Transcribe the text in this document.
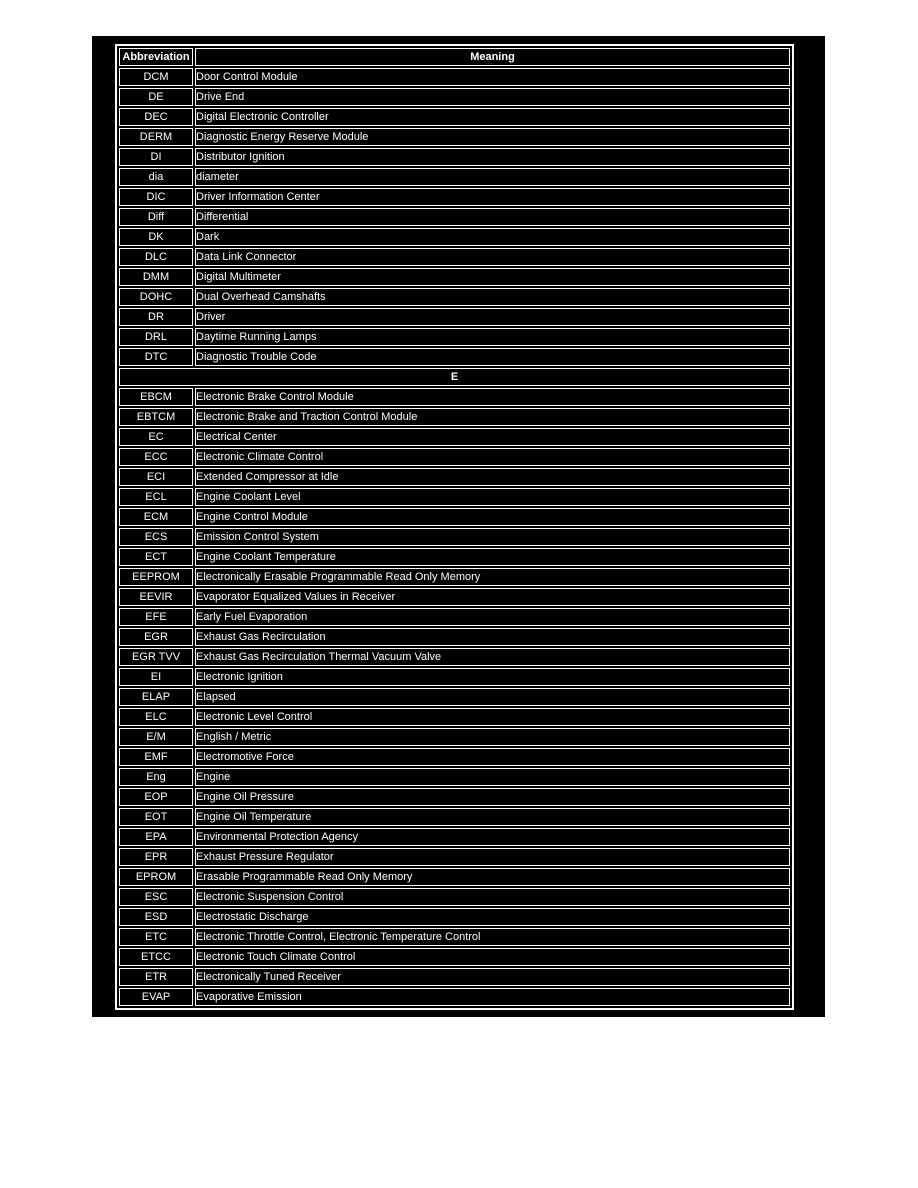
Abbreviation	Meaning
DCM	Door Control Module
DE	Drive End
DEC	Digital Electronic Controller
DERM	Diagnostic Energy Reserve Module
DI	Distributor Ignition
dia	diameter
DIC	Driver Information Center
Diff	Differential
DK	Dark
DLC	Data Link Connector
DMM	Digital Multimeter
DOHC	Dual Overhead Camshafts
DR	Driver
DRL	Daytime Running Lamps
DTC	Diagnostic Trouble Code
E	
EBCM	Electronic Brake Control Module
EBTCM	Electronic Brake and Traction Control Module
EC	Electrical Center
ECC	Electronic Climate Control
ECI	Extended Compressor at Idle
ECL	Engine Coolant Level
ECM	Engine Control Module
ECS	Emission Control System
ECT	Engine Coolant Temperature
EEPROM	Electronically Erasable Programmable Read Only Memory
EEVIR	Evaporator Equalized Values in Receiver
EFE	Early Fuel Evaporation
EGR	Exhaust Gas Recirculation
EGR TVV	Exhaust Gas Recirculation Thermal Vacuum Valve
EI	Electronic Ignition
ELAP	Elapsed
ELC	Electronic Level Control
E/M	English / Metric
EMF	Electromotive Force
Eng	Engine
EOP	Engine Oil Pressure
EOT	Engine Oil Temperature
EPA	Environmental Protection Agency
EPR	Exhaust Pressure Regulator
EPROM	Erasable Programmable Read Only Memory
ESC	Electronic Suspension Control
ESD	Electrostatic Discharge
ETC	Electronic Throttle Control, Electronic Temperature Control
ETCC	Electronic Touch Climate Control
ETR	Electronically Tuned Receiver
EVAP	Evaporative Emission
